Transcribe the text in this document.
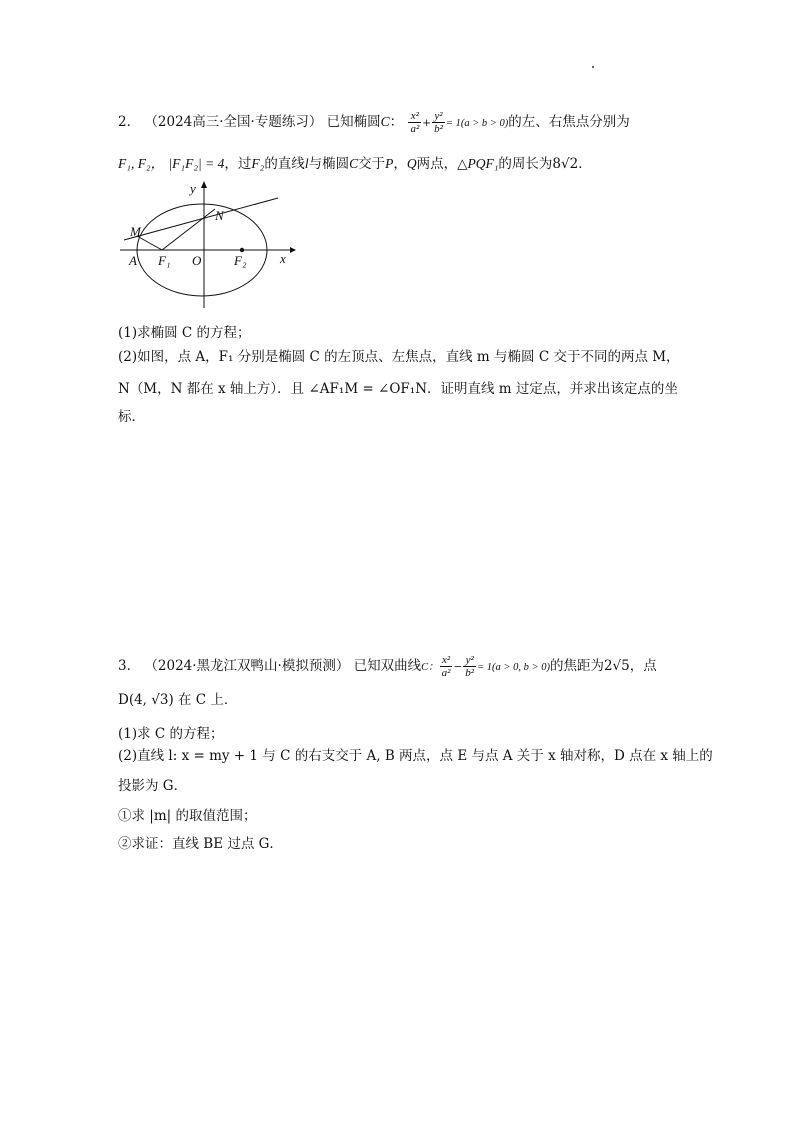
2． （2024高三·全国·专题练习） 已知椭圆C： $\frac{\text{x²}}{\text{a²}} + \frac{\text{y²}}{\text{b²}} = 1(a > b > 0)$的左、右焦点分别为
F₁, F₂， |F₁F₂| = 4，过F₂的直线l与椭圆C交于P，Q两点，△PQF₁的周长为8√2．
y
M
N
A F₁ O	F₂	x
(1)求椭圆 C 的方程；
(2)如图，点 A，F₁ 分别是椭圆 C 的左顶点、左焦点，直线 m 与椭圆 C 交于不同的两点 M，
N（M，N 都在 x 轴上方）．且 ∠AF₁M = ∠OF₁N．证明直线 m 过定点，并求出该定点的坐
标．
3． （2024·黑龙江双鸭山·模拟预测） 已知双曲线C： $\frac{\text{x²}}{\text{a²}} - \frac{\text{y²}}{\text{b²}} = 1(a > 0$, b > 0)的焦距为2√5，点
D(4, √3) 在 C 上．
(1)求 C 的方程；
(2)直线 l: x = my + 1 与 C 的右支交于 A, B 两点，点 E 与点 A 关于 x 轴对称，D 点在 x 轴上的
投影为 G．
①求 |m| 的取值范围；
②求证：直线 BE 过点 G．
